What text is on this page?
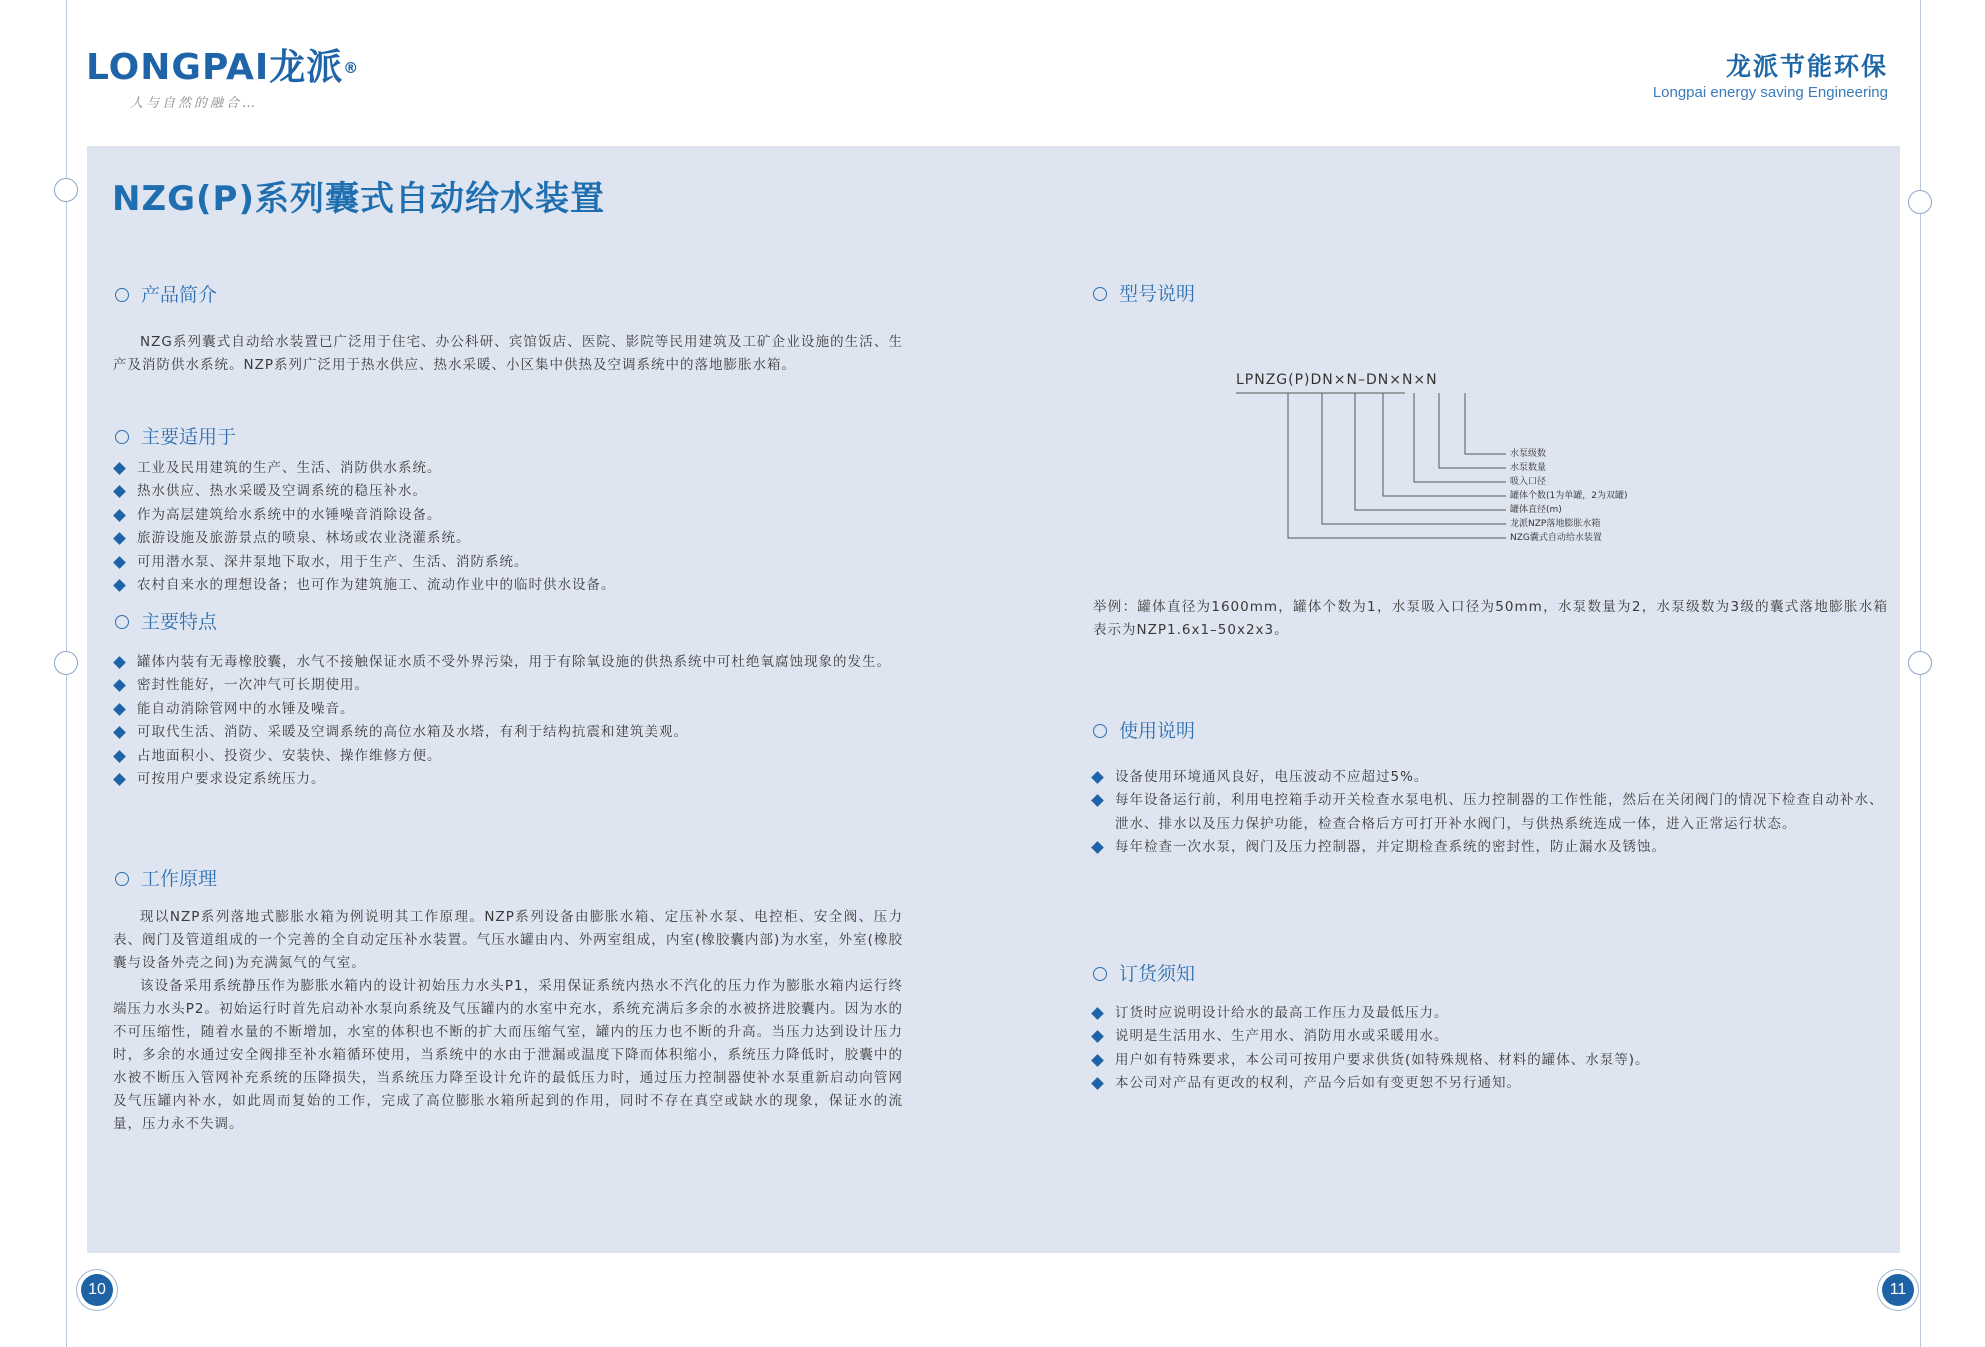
LONGPAI龙派®
人与自然的融合…
龙派节能环保
Longpai energy saving Engineering
NZG(P)系列囊式自动给水装置
产品简介

NZG系列囊式自动给水装置已广泛用于住宅、办公科研、宾馆饭店、医院、影院等民用建筑及工矿企业设施的生活、生产及消防供水系统。NZP系列广泛用于热水供应、热水采暖、小区集中供热及空调系统中的落地膨胀水箱。

主要适用于
工业及民用建筑的生产、生活、消防供水系统。
热水供应、热水采暖及空调系统的稳压补水。
作为高层建筑给水系统中的水锤噪音消除设备。
旅游设施及旅游景点的喷泉、林场或农业浇灌系统。
可用潜水泵、深井泵地下取水，用于生产、生活、消防系统。
农村自来水的理想设备；也可作为建筑施工、流动作业中的临时供水设备。
主要特点
罐体内装有无毒橡胶囊，水气不接触保证水质不受外界污染，用于有除氧设施的供热系统中可杜绝氧腐蚀现象的发生。
密封性能好，一次冲气可长期使用。
能自动消除管网中的水锤及噪音。
可取代生活、消防、采暖及空调系统的高位水箱及水塔，有利于结构抗震和建筑美观。
占地面积小、投资少、安装快、操作维修方便。
可按用户要求设定系统压力。
工作原理

现以NZP系列落地式膨胀水箱为例说明其工作原理。NZP系列设备由膨胀水箱、定压补水泵、电控柜、安全阀、压力表、阀门及管道组成的一个完善的全自动定压补水装置。气压水罐由内、外两室组成，内室(橡胶囊内部)为水室，外室(橡胶囊与设备外壳之间)为充满氮气的气室。

该设备采用系统静压作为膨胀水箱内的设计初始压力水头P1，采用保证系统内热水不汽化的压力作为膨胀水箱内运行终端压力水头P2。初始运行时首先启动补水泵向系统及气压罐内的水室中充水，系统充满后多余的水被挤进胶囊内。因为水的不可压缩性，随着水量的不断增加，水室的体积也不断的扩大而压缩气室，罐内的压力也不断的升高。当压力达到设计压力时，多余的水通过安全阀排至补水箱循环使用，当系统中的水由于泄漏或温度下降而体积缩小，系统压力降低时，胶囊中的水被不断压入管网补充系统的压降损失，当系统压力降至设计允许的最低压力时，通过压力控制器使补水泵重新启动向管网及气压罐内补水，如此周而复始的工作，完成了高位膨胀水箱所起到的作用，同时不存在真空或缺水的现象，保证水的流量，压力永不失调。

型号说明
LPNZG(P)DN×N–DN×N×N
水泵级数
水泵数量
吸入口径
罐体个数(1为单罐，2为双罐)
罐体直径(m)
龙派NZP落地膨胀水箱
NZG囊式自动给水装置
举例：罐体直径为1600mm，罐体个数为1，水泵吸入口径为50mm，水泵数量为2，水泵级数为3级的囊式落地膨胀水箱表示为NZP1.6x1–50x2x3。
使用说明
设备使用环境通风良好，电压波动不应超过5%。
每年设备运行前，利用电控箱手动开关检查水泵电机、压力控制器的工作性能，然后在关闭阀门的情况下检查自动补水、泄水、排水以及压力保护功能，检查合格后方可打开补水阀门，与供热系统连成一体，进入正常运行状态。
每年检查一次水泵，阀门及压力控制器，并定期检查系统的密封性，防止漏水及锈蚀。
订货须知
订货时应说明设计给水的最高工作压力及最低压力。
说明是生活用水、生产用水、消防用水或采暖用水。
用户如有特殊要求，本公司可按用户要求供货(如特殊规格、材料的罐体、水泵等)。
本公司对产品有更改的权利，产品今后如有变更恕不另行通知。
10	11
